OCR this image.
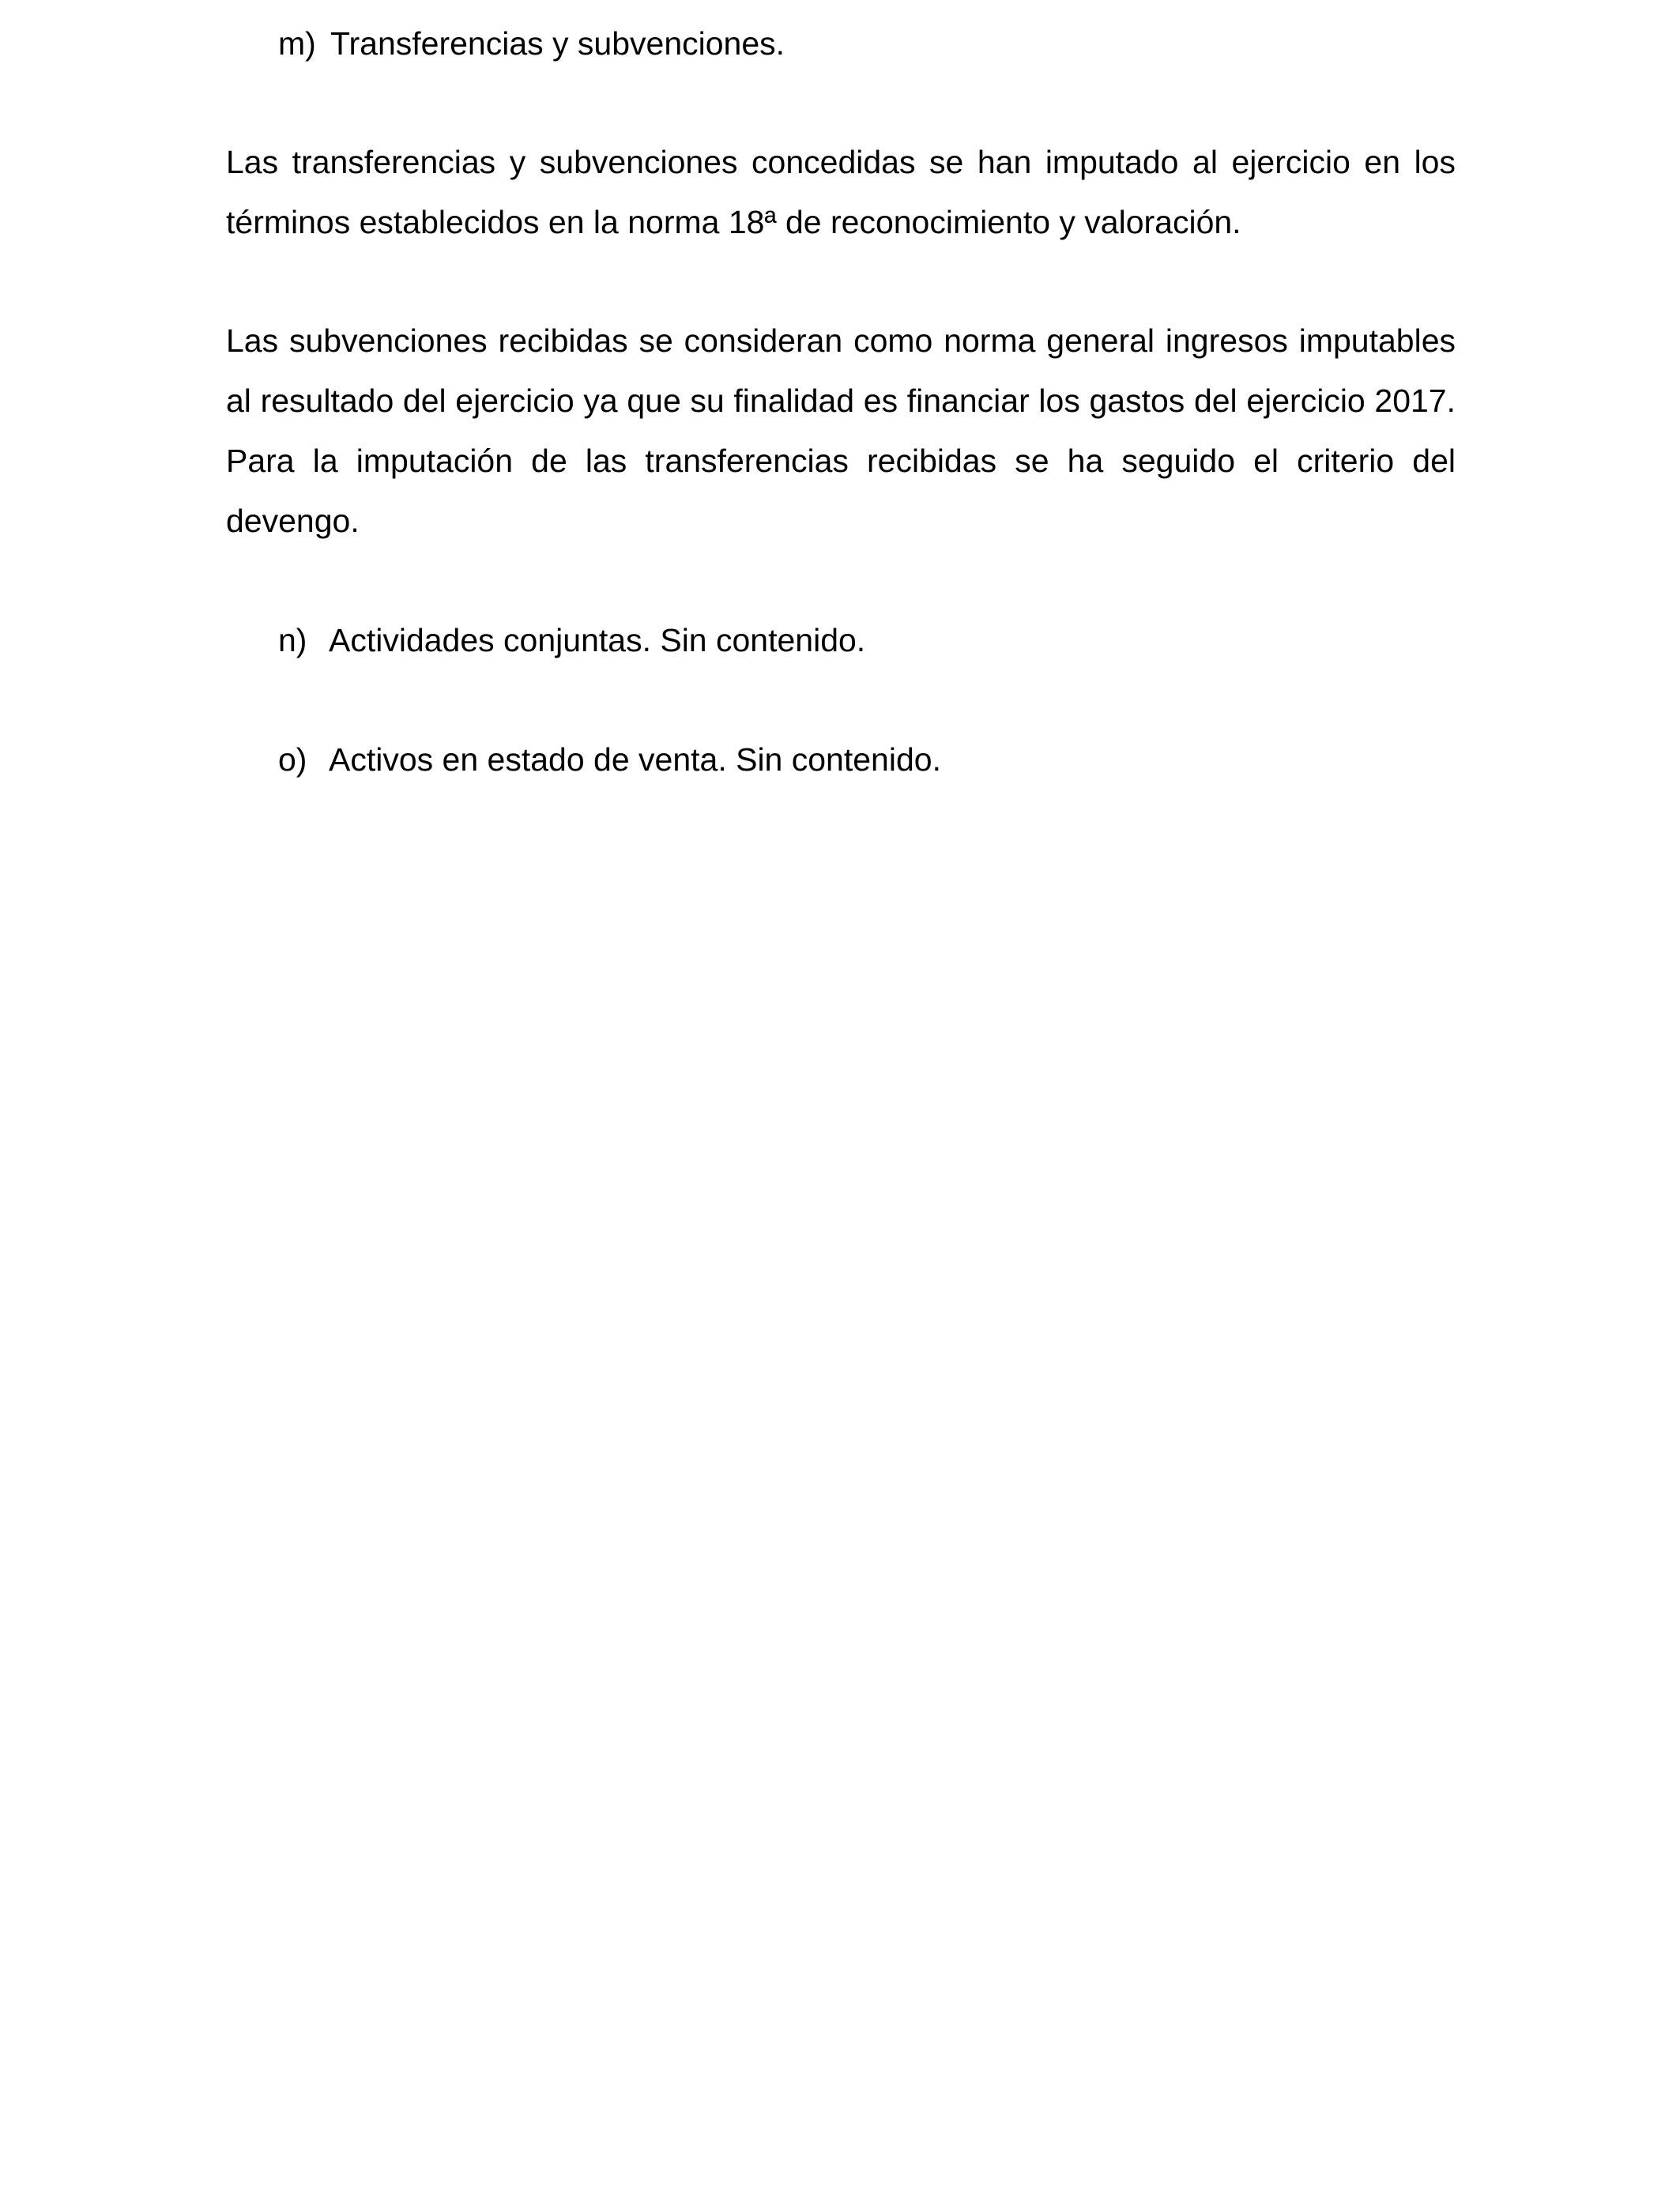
m) Transferencias y subvenciones.

Las transferencias y subvenciones concedidas se han imputado al ejercicio en los términos establecidos en la norma 18ª de reconocimiento y valoración.

Las subvenciones recibidas se consideran como norma general ingresos imputables al resultado del ejercicio ya que su finalidad es financiar los gastos del ejercicio 2017. Para la imputación de las transferencias recibidas se ha seguido el criterio del devengo.

n) Actividades conjuntas. Sin contenido.
o) Activos en estado de venta. Sin contenido.
